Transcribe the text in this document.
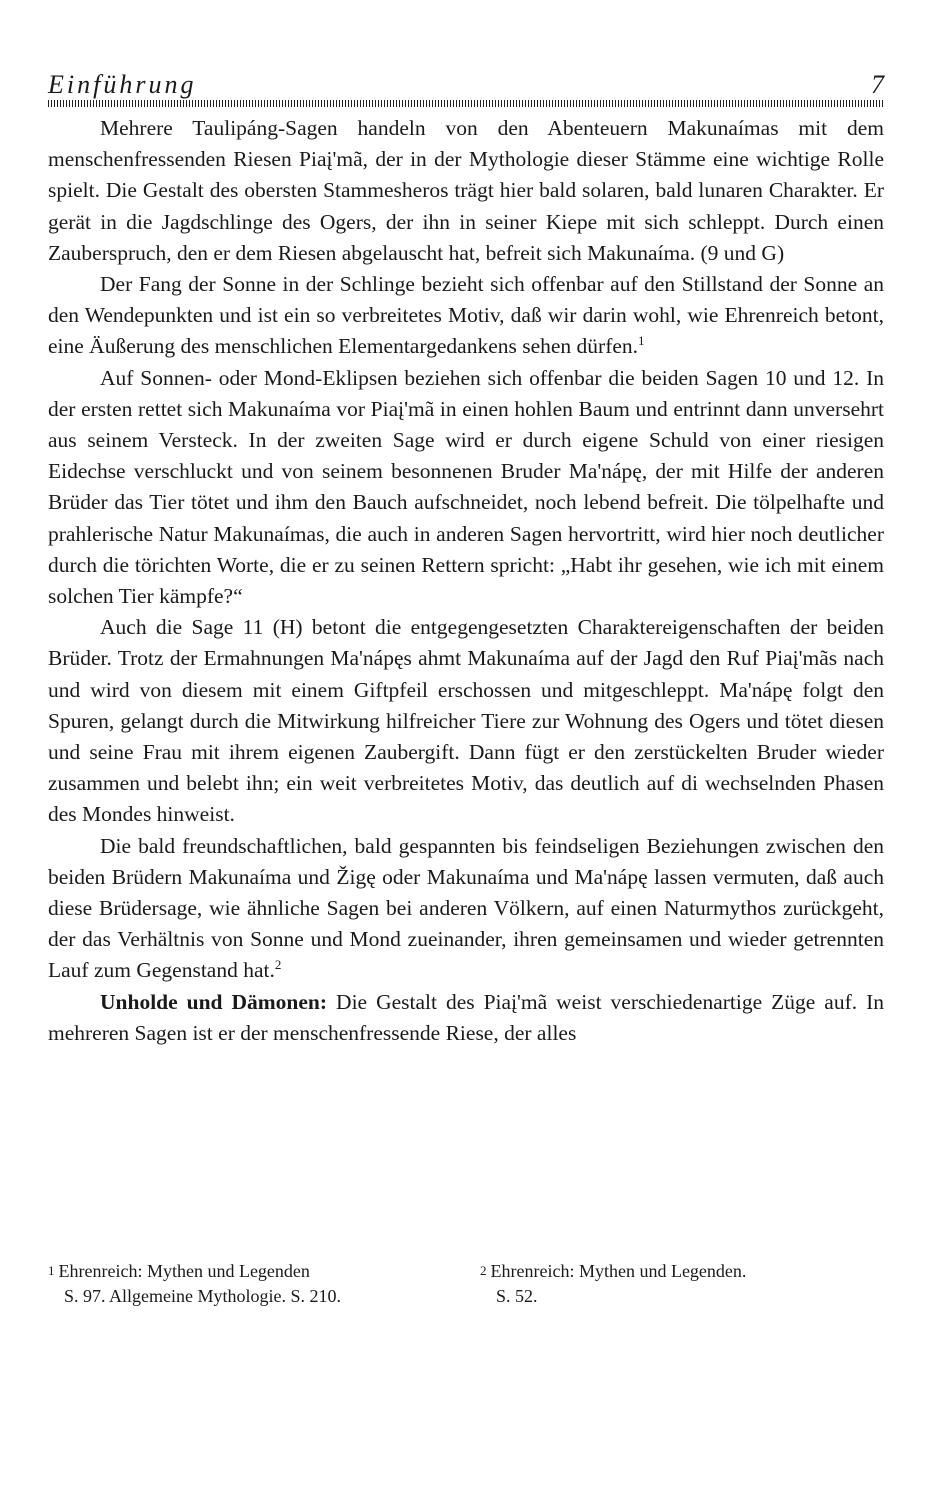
Einführung	7

Mehrere Taulipáng-Sagen handeln von den Abenteuern Makunaímas mit dem menschenfressenden Riesen Piaį'mã, der in der Mythologie dieser Stämme eine wichtige Rolle spielt. Die Gestalt des obersten Stammesheros trägt hier bald solaren, bald lunaren Charakter. Er gerät in die Jagdschlinge des Ogers, der ihn in seiner Kiepe mit sich schleppt. Durch einen Zauberspruch, den er dem Riesen abgelauscht hat, befreit sich Makunaíma. (9 und G)

Der Fang der Sonne in der Schlinge bezieht sich offenbar auf den Stillstand der Sonne an den Wendepunkten und ist ein so verbreitetes Motiv, daß wir darin wohl, wie Ehrenreich betont, eine Äußerung des menschlichen Elementargedankens sehen dürfen.$^1$

Auf Sonnen- oder Mond-Eklipsen beziehen sich offenbar die beiden Sagen 10 und 12. In der ersten rettet sich Makunaíma vor Piaį'mã in einen hohlen Baum und entrinnt dann unversehrt aus seinem Versteck. In der zweiten Sage wird er durch eigene Schuld von einer riesigen Eidechse verschluckt und von seinem besonnenen Bruder Ma'nápę, der mit Hilfe der anderen Brüder das Tier tötet und ihm den Bauch aufschneidet, noch lebend befreit. Die tölpelhafte und prahlerische Natur Makunaímas, die auch in anderen Sagen hervortritt, wird hier noch deutlicher durch die törichten Worte, die er zu seinen Rettern spricht: „Habt ihr gesehen, wie ich mit einem solchen Tier kämpfe?“

Auch die Sage 11 (H) betont die entgegengesetzten Charaktereigenschaften der beiden Brüder. Trotz der Ermahnungen Ma'nápęs ahmt Makunaíma auf der Jagd den Ruf Piaį'mãs nach und wird von diesem mit einem Giftpfeil erschossen und mitgeschleppt. Ma'nápę folgt den Spuren, gelangt durch die Mitwirkung hilfreicher Tiere zur Wohnung des Ogers und tötet diesen und seine Frau mit ihrem eigenen Zaubergift. Dann fügt er den zerstückelten Bruder wieder zusammen und belebt ihn; ein weit verbreitetes Motiv, das deutlich auf di wechselnden Phasen des Mondes hinweist.

Die bald freundschaftlichen, bald gespannten bis feindseligen Beziehungen zwischen den beiden Brüdern Makunaíma und Žigę oder Makunaíma und Ma'nápę lassen vermuten, daß auch diese Brüdersage, wie ähnliche Sagen bei anderen Völkern, auf einen Naturmythos zurückgeht, der das Verhältnis von Sonne und Mond zueinander, ihren gemeinsamen und wieder getrennten Lauf zum Gegenstand hat.$^2$

Unholde und Dämonen: Die Gestalt des Piaį'mã weist verschiedenartige Züge auf. In mehreren Sagen ist er der menschenfressende Riese, der alles

1 Ehrenreich: Mythen und Legenden
S. 97. Allgemeine Mythologie. S. 210.
2 Ehrenreich: Mythen und Legenden.
S. 52.
